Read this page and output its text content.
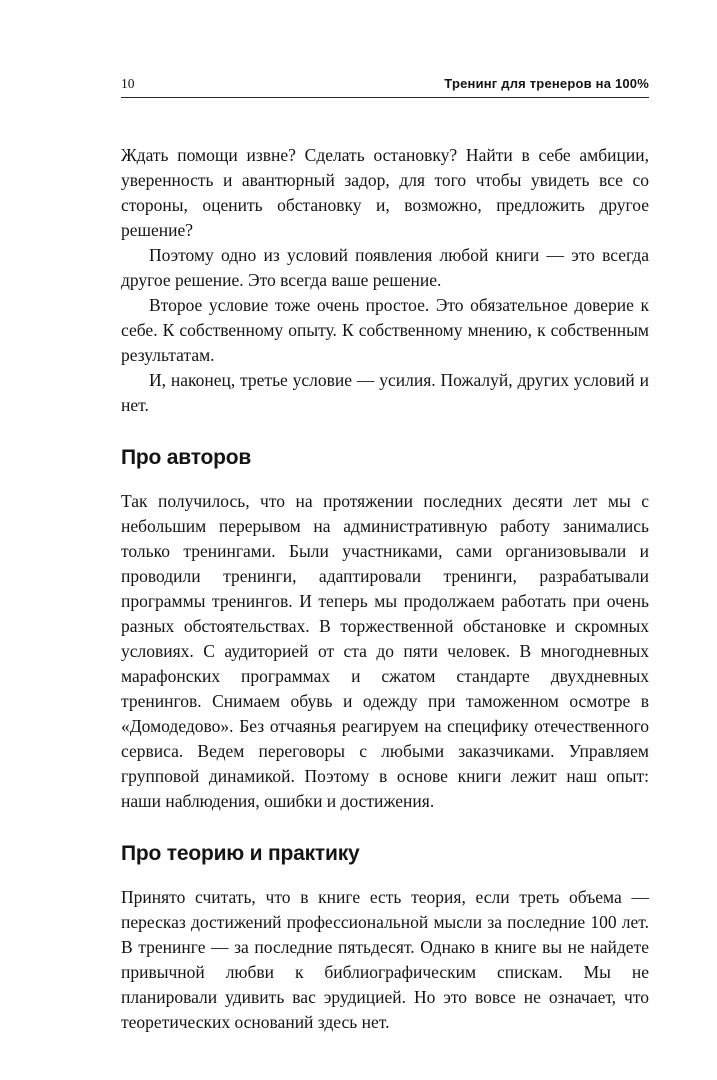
10	Тренинг для тренеров на 100%

Ждать помощи извне? Сделать остановку? Найти в себе амбиции, уверенность и авантюрный задор, для того чтобы увидеть все со стороны, оценить обстановку и, возможно, предложить другое решение?

Поэтому одно из условий появления любой книги — это всегда другое решение. Это всегда ваше решение.

Второе условие тоже очень простое. Это обязательное доверие к себе. К собственному опыту. К собственному мнению, к собственным результатам.

И, наконец, третье условие — усилия. Пожалуй, других условий и нет.

Про авторов

Так получилось, что на протяжении последних десяти лет мы с небольшим перерывом на административную работу занимались только тренингами. Были участниками, сами организовывали и проводили тренинги, адаптировали тренинги, разрабатывали программы тренингов. И теперь мы продолжаем работать при очень разных обстоятельствах. В торжественной обстановке и скромных условиях. С аудиторией от ста до пяти человек. В многодневных марафонских программах и сжатом стандарте двухдневных тренингов. Снимаем обувь и одежду при таможенном осмотре в «Домодедово». Без отчаянья реагируем на специфику отечественного сервиса. Ведем переговоры с любыми заказчиками. Управляем групповой динамикой. Поэтому в основе книги лежит наш опыт: наши наблюдения, ошибки и достижения.

Про теорию и практику

Принято считать, что в книге есть теория, если треть объема — пересказ достижений профессиональной мысли за последние 100 лет. В тренинге — за последние пятьдесят. Однако в книге вы не найдете привычной любви к библиографическим спискам. Мы не планировали удивить вас эрудицией. Но это вовсе не означает, что теоретических оснований здесь нет.
